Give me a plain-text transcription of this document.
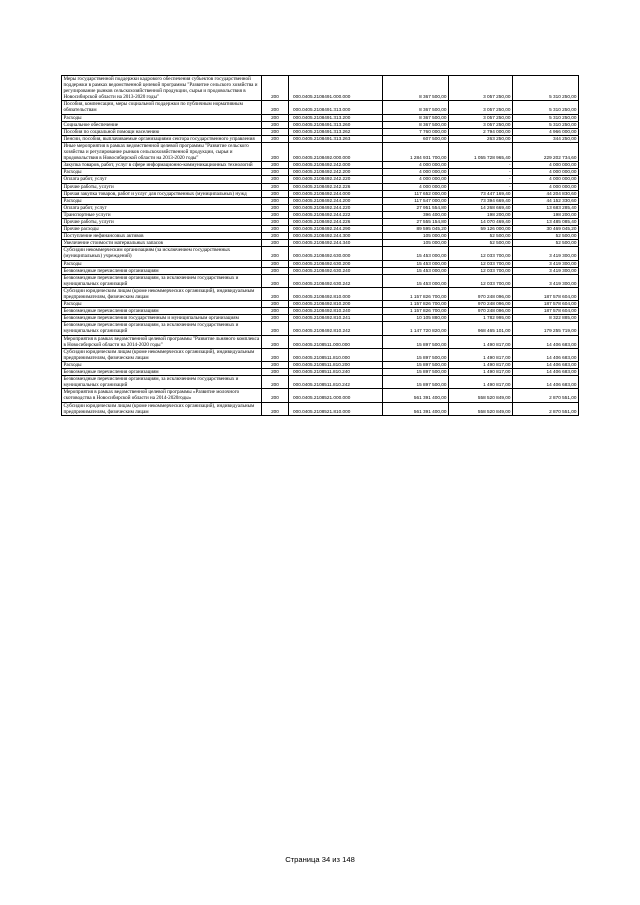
Меры государственной поддержки кадрового обеспечения субъектов государственной поддержки в рамках ведомственной целевой программы "Развитие сельского хозяйства и регулирование рынков сельскохозяйственной продукции, сырья и продовольствия в Новосибирской области на 2013-2020 годы"	200	000.0405.2108491.000.000	8 367 500,00	3 057 250,00	5 310 250,00
Пособия, компенсации, меры социальной поддержки по публичным нормативным обязательствам	200	000.0405.2108491.313.000	8 367 500,00	3 057 250,00	5 310 250,00
Расходы	200	000.0405.2108491.313.200	8 367 500,00	3 057 250,00	5 310 250,00
Социальное обеспечение	200	000.0405.2108491.313.260	8 367 500,00	3 057 250,00	5 310 250,00
Пособия по социальной помощи населению	200	000.0405.2108491.313.262	7 760 000,00	2 794 000,00	4 966 000,00
Пенсии, пособия, выплачиваемые организациями сектора государственного управления	200	000.0405.2108491.313.263	607 500,00	263 250,00	344 250,00
Иные мероприятия в рамках ведомственной целевой программы "Развитие сельского хозяйства и регулирование рынков сельскохозяйственной продукции, сырья и продовольствия в Новосибирской области на 2013-2020 годы"	200	000.0405.2108492.000.000	1 284 931 700,00	1 055 728 965,40	229 202 734,60
Закупка товаров, работ, услуг в сфере информационно-коммуникационных технологий	200	000.0405.2108492.242.000	4 000 000,00	-	4 000 000,00
Расходы	200	000.0405.2108492.242.200	4 000 000,00	-	4 000 000,00
Оплата работ, услуг	200	000.0405.2108492.242.220	4 000 000,00	-	4 000 000,00
Прочие работы, услуги	200	000.0405.2108492.242.226	4 000 000,00	-	4 000 000,00
Прочая закупка товаров, работ и услуг для государственных (муниципальных) нужд	200	000.0405.2108492.244.000	117 652 000,00	73 447 169,40	44 204 830,60
Расходы	200	000.0405.2108492.244.200	117 547 000,00	73 394 669,40	44 152 330,60
Оплата работ, услуг	200	000.0405.2108492.244.220	27 951 554,80	14 268 669,40	13 683 285,40
Транспортные услуги	200	000.0405.2108492.244.222	396 400,00	198 200,00	198 200,00
Прочие работы, услуги	200	000.0405.2108492.244.226	27 555 154,80	14 070 469,40	13 485 085,40
Прочие расходы	200	000.0405.2108492.244.290	89 595 045,20	59 126 000,00	30 469 045,20
Поступление нефинансовых активов	200	000.0405.2108492.244.300	105 000,00	52 500,00	52 500,00
Увеличение стоимости материальных запасов	200	000.0405.2108492.244.340	105 000,00	52 500,00	52 500,00
Субсидии некоммерческим организациям (за исключением государственных (муниципальных) учреждений)	200	000.0405.2108492.630.000	15 453 000,00	12 033 700,00	3 419 300,00
Расходы	200	000.0405.2108492.630.200	15 453 000,00	12 033 700,00	3 419 300,00
Безвозмездные перечисления организациям	200	000.0405.2108492.630.240	15 453 000,00	12 033 700,00	3 419 300,00
Безвозмездные перечисления организациям, за исключением государственных и муниципальных организаций	200	000.0405.2108492.630.242	15 453 000,00	12 033 700,00	3 419 300,00
Субсидии юридическим лицам (кроме некоммерческих организаций), индивидуальным предпринимателям, физическим лицам	200	000.0405.2108492.810.000	1 157 826 700,00	970 248 096,00	187 578 604,00
Расходы	200	000.0405.2108492.810.200	1 157 826 700,00	970 248 096,00	187 578 604,00
Безвозмездные перечисления организациям	200	000.0405.2108492.810.240	1 157 826 700,00	970 248 096,00	187 578 604,00
Безвозмездные перечисления государственным и муниципальным организациям	200	000.0405.2108492.810.241	10 105 880,00	1 782 995,00	8 322 885,00
Безвозмездные перечисления организациям, за исключением государственных и муниципальных организаций	200	000.0405.2108492.810.242	1 147 720 820,00	968 465 101,00	179 255 719,00
Мероприятия в рамках ведомственной целевой программы "Развитие льняного комплекса в Новосибирской области на 2014-2020 годы"	200	000.0405.2108511.000.000	15 897 500,00	1 490 817,00	14 406 683,00
Субсидии юридическим лицам (кроме некоммерческих организаций), индивидуальным предпринимателям, физическим лицам	200	000.0405.2108511.810.000	15 897 500,00	1 490 817,00	14 406 683,00
Расходы	200	000.0405.2108511.810.200	15 897 500,00	1 490 817,00	14 406 683,00
Безвозмездные перечисления организациям	200	000.0405.2108511.810.240	15 897 500,00	1 490 817,00	14 406 683,00
Безвозмездные перечисления организациям, за исключением государственных и муниципальных организаций	200	000.0405.2108511.810.242	15 897 500,00	1 490 817,00	14 406 683,00
Мероприятия в рамках ведомственной целевой программы «Развитие молочного скотоводства в Новосибирской области на 2014-2020годы»	200	000.0405.2108521.000.000	561 391 400,00	558 520 849,00	2 870 551,00
Субсидии юридическим лицам (кроме некоммерческих организаций), индивидуальным предпринимателям, физическим лицам	200	000.0405.2108521.810.000	561 391 400,00	558 520 849,00	2 870 551,00
Страница 34 из 148
